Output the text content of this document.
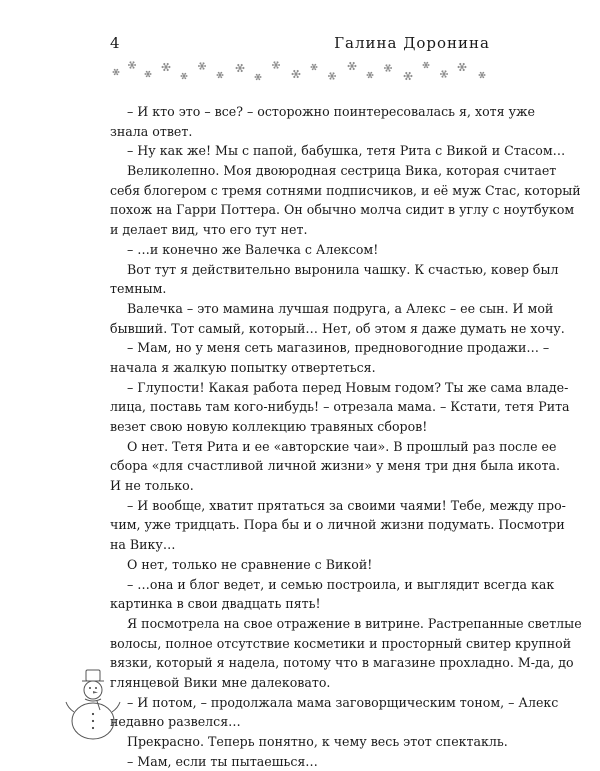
4	Галина Доронина
– И кто это – все? – осторожно поинтересовалась я, хотя уже
знала ответ.
– Ну как же! Мы с папой, бабушка, тетя Рита с Викой и Стасом…
Великолепно. Моя двоюродная сестрица Вика, которая считает
себя блогером с тремя сотнями подписчиков, и её муж Стас, который
похож на Гарри Поттера. Он обычно молча сидит в углу с ноутбуком
и делает вид, что его тут нет.
– …и конечно же Валечка с Алексом!
Вот тут я действительно выронила чашку. К счастью, ковер был
темным.
Валечка – это мамина лучшая подруга, а Алекс – ее сын. И мой
бывший. Тот самый, который… Нет, об этом я даже думать не хочу.
– Мам, но у меня сеть магазинов, предновогодние продажи… –
начала я жалкую попытку отвертеться.
– Глупости! Какая работа перед Новым годом? Ты же сама владе-
лица, поставь там кого-нибудь! – отрезала мама. – Кстати, тетя Рита
везет свою новую коллекцию травяных сборов!
О нет. Тетя Рита и ее «авторские чаи». В прошлый раз после ее
сбора «для счастливой личной жизни» у меня три дня была икота.
И не только.
– И вообще, хватит прятаться за своими чаями! Тебе, между про-
чим, уже тридцать. Пора бы и о личной жизни подумать. Посмотри
на Вику…
О нет, только не сравнение с Викой!
– …она и блог ведет, и семью построила, и выглядит всегда как
картинка в свои двадцать пять!
Я посмотрела на свое отражение в витрине. Растрепанные светлые
волосы, полное отсутствие косметики и просторный свитер крупной
вязки, который я надела, потому что в магазине прохладно. М-да, до
глянцевой Вики мне далековато.
– И потом, – продолжала мама заговорщическим тоном, – Алекс
недавно развелся…
Прекрасно. Теперь понятно, к чему весь этот спектакль.
– Мам, если ты пытаешься…
